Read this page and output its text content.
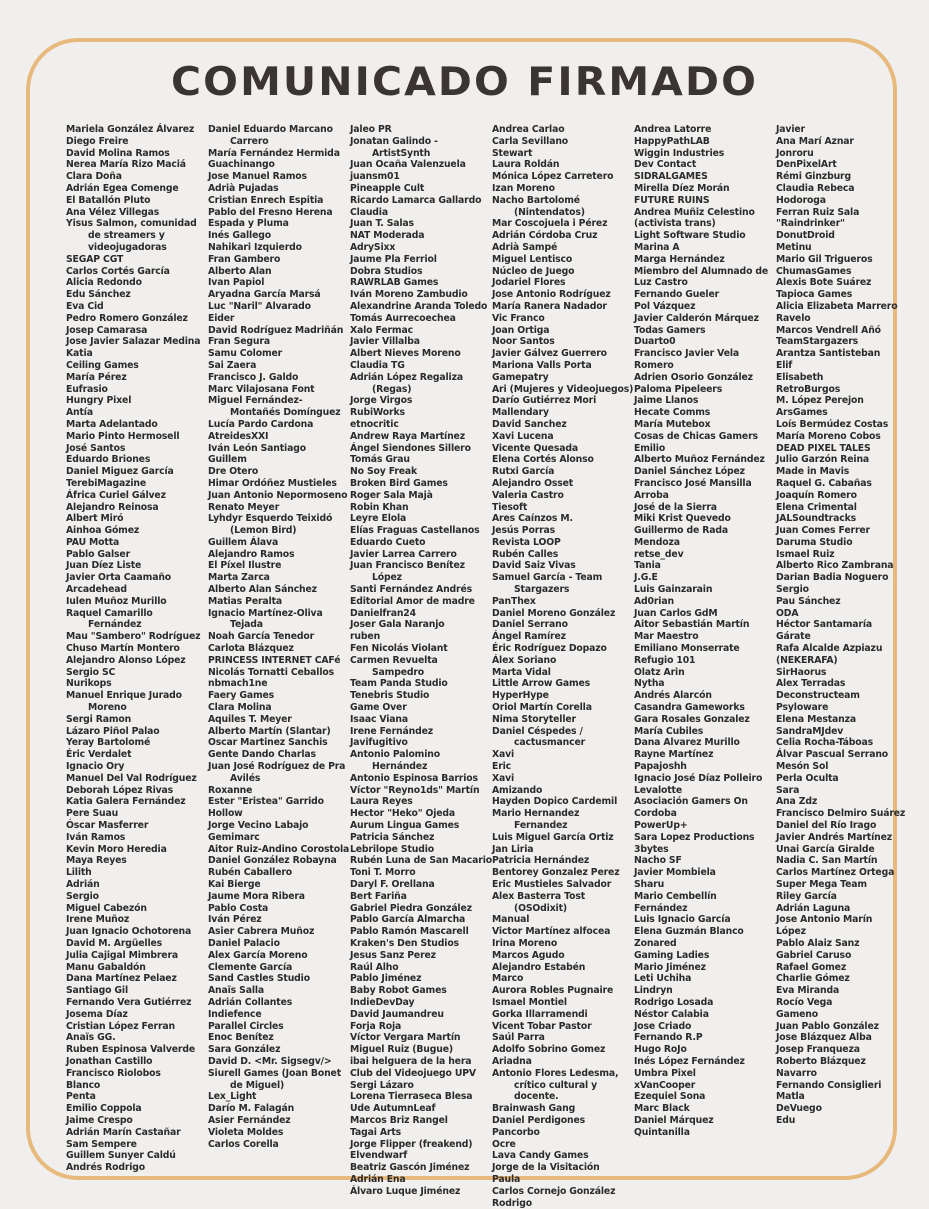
COMUNICADO FIRMADO
Mariela González Álvarez
Diego Freire
David Molina Ramos
Nerea María Rizo Maciá
Clara Doña
Adrián Egea Comenge
El Batallón Pluto
Ana Vélez Villegas
Yisus Salmon, comunidad de streamers y videojugadoras
SEGAP CGT
Carlos Cortés García
Alicia Redondo
Edu Sánchez
Eva Cid
Pedro Romero González
Josep Camarasa
Jose Javier Salazar Medina
Katia
Ceiling Games
María Pérez
Eufrasio
Hungry Pixel
Antía
Marta Adelantado
Mario Pinto Hermosell
José Santos
Eduardo Briones
Daniel Miguez García
TerebiMagazine
África Curiel Gálvez
Alejandro Reinosa
Albert Miró
Ainhoa Gómez
PAU Motta
Pablo Galser
Juan Díez Liste
Javier Orta Caamaño
Arcadehead
Iulen Muñoz Murillo
Raquel Camarillo Fernández
Mau "Sambero" Rodríguez
Chuso Martín Montero
Alejandro Alonso López
Sergio SC
Nurikops
Manuel Enrique Jurado Moreno
Sergi Ramon
Lázaro Piñol Palao
Yeray Bartolomé
Éric Verdalet
Ignacio Ory
Manuel Del Val Rodríguez
Deborah López Rivas
Katia Galera Fernández
Pere Suau
Óscar Masferrer
Iván Ramos
Kevin Moro Heredia
Maya Reyes
Lilith
Adrián
Sergio
Miguel Cabezón
Irene Muñoz
Juan Ignacio Ochotorena
David M. Argüelles
Julia Cajigal Mimbrera
Manu Gabaldón
Dana Martínez Pelaez
Santiago Gil
Fernando Vera Gutiérrez
Josema Díaz
Cristian López Ferran
Anaïs GG.
Ruben Espinosa Valverde
Jonathan Castillo
Francisco Riolobos
Blanco
Penta
Emilio Coppola
Jaime Crespo
Adrián Marín Castañar
Sam Sempere
Guillem Sunyer Caldú
Andrés Rodrigo
Daniel Eduardo Marcano Carrero
María Fernández Hermida
Guachinango
Jose Manuel Ramos
Adrià Pujadas
Cristian Enrech Espitia
Pablo del Fresno Herena
Espada y Pluma
Inés Gallego
Nahikari Izquierdo
Fran Gambero
Alberto Alan
Ivan Papiol
Aryadna García Marsá
Luc "Naril" Alvarado
Eider
David Rodríguez Madriñán
Fran Segura
Samu Colomer
Sai Zaera
Francisco J. Galdo
Marc Vilajosana Font
Miguel Fernández-Montañés Domínguez
Lucía Pardo Cardona
AtreidesXXI
Iván León Santiago
Guillem
Dre Otero
Himar Ordóñez Mustieles
Juan Antonio Nepormoseno
Renato Meyer
Lyhdyr Esquerdo Teixidó (Lemon Bird)
Guillem Álava
Alejandro Ramos
El Píxel Ilustre
Marta Zarca
Alberto Alan Sánchez
Matias Peralta
Ignacio Martínez-Oliva Tejada
Noah García Tenedor
Carlota Blázquez
PRINCESS INTERNET CAFé
Nicolás Tornatti Ceballos
nbmach1ne
Faery Games
Clara Molina
Aquiles T. Meyer
Alberto Martín (Slantar)
Oscar Martinez Sanchis
Gente Dando Charlas
Juan José Rodríguez de Pra Avilés
Roxanne
Ester "Eristea" Garrido
Hollow
Jorge Vecino Labajo
Gemimarc
Aitor Ruiz-Andino Corostola
Daniel González Robayna
Rubén Caballero
Kai Bierge
Jaume Mora Ribera
Pablo Costa
Iván Pérez
Asier Cabrera Muñoz
Daniel Palacio
Alex García Moreno
Clemente García
Sand Castles Studio
Anaïs Salla
Adrián Collantes
Indiefence
Parallel Circles
Enoc Benítez
Sara González
David D. <Mr. Sigsegv/>
Siurell Games (Joan Bonet de Miguel)
Lex_Light
Darío M. Falagán
Asier Fernández
Violeta Moldes
Carlos Corella
Jaleo PR
Jonatan Galindo - ArtistSynth
Juan Ocaña Valenzuela
juansm01
Pineapple Cult
Ricardo Lamarca Gallardo
Claudia
Juan T. Salas
NAT Moderada
AdrySixx
Jaume Pla Ferriol
Dobra Studios
RAWRLAB Games
Iván Moreno Zambudio
Alexandrine Aranda Toledo
Tomás Aurrecoechea
Xalo Fermac
Javier Villalba
Albert Nieves Moreno
Claudia TG
Adrián López Regaliza (Regas)
Jorge Virgos
RubiWorks
etnocritic
Andrew Raya Martínez
Ángel Siendones Sillero
Tomás Grau
No Soy Freak
Broken Bird Games
Roger Sala Majà
Robin Khan
Leyre Elola
Elías Fraguas Castellanos
Eduardo Cueto
Javier Larrea Carrero
Juan Francisco Benítez López
Santi Fernández Andrés
Editorial Amor de madre
Danielfran24
Joser Gala Naranjo
ruben
Fen Nicolás Violant
Carmen Revuelta Sampedro
Team Panda Studio
Tenebris Studio
Game Over
Isaac Viana
Irene Fernández
Javifugitivo
Antonio Palomino Hernández
Antonio Espinosa Barrios
Víctor "Reyno1ds" Martín
Laura Reyes
Hector "Heko" Ojeda
Aurum Lingua Games
Patricia Sánchez
Lebrilope Studio
Rubén Luna de San Macario
Toni T. Morro
Daryl F. Orellana
Bert Fariña
Gabriel Piedra González
Pablo García Almarcha
Pablo Ramón Mascarell
Kraken's Den Studios
Jesus Sanz Perez
Raúl Alho
Pablo Jiménez
Baby Robot Games
IndieDevDay
David Jaumandreu
Forja Roja
Víctor Vergara Martín
Miguel Ruiz (Bugue)
ibai helguera de la hera
Club del Videojuego UPV
Sergi Lázaro
Lorena Tierraseca Blesa
Ude AutumnLeaf
Marcos Briz Rangel
Tagai Arts
Jorge Flipper (freakend)
Elvendwarf
Beatriz Gascón Jiménez
Adrián Ena
Álvaro Luque Jiménez
Andrea Carlao
Carla Sevillano
Stewart
Laura Roldán
Mónica López Carretero
Izan Moreno
Nacho Bartolomé (Nintendatos)
Mar Coscojuela i Pérez
Adrián Córdoba Cruz
Adrià Sampé
Miguel Lentisco
Núcleo de Juego
Jodariel Flores
Jose Antonio Rodríguez
María Ranera Nadador
Vic Franco
Joan Ortiga
Noor Santos
Javier Gálvez Guerrero
Mariona Valls Porta
Gamepatry
Ari (Mujeres y Videojuegos)
Darío Gutiérrez Mori
Mallendary
David Sanchez
Xavi Lucena
Vicente Quesada
Elena Cortés Alonso
Rutxi García
Alejandro Osset
Valeria Castro
Tiesoft
Ares Caínzos M.
Jesús Porras
Revista LOOP
Rubén Calles
David Saiz Vivas
Samuel García - Team Stargazers
PanThex
Daniel Moreno González
Daniel Serrano
Ángel Ramírez
Éric Rodríguez Dopazo
Álex Soriano
Marta Vidal
Little Arrow Games
HyperHype
Oriol Martín Corella
Nima Storyteller
Daniel Céspedes / cactusmancer
Xavi
Eric
Xavi
Amizando
Hayden Dopico Cardemil
Mario Hernandez Fernandez
Luis Miguel García Ortiz
Jan Liria
Patricia Hernández
Bentorey Gonzalez Perez
Eric Mustieles Salvador
Alex Basterra Tost (OSOdixit)
Manual
Victor Martínez alfocea
Irina Moreno
Marcos Agudo
Alejandro Estabén
Marco
Aurora Robles Pugnaire
Ismael Montiel
Gorka Illarramendi
Vicent Tobar Pastor
Saúl Parra
Adolfo Sobrino Gomez
Ariadna
Antonio Flores Ledesma, crítico cultural y docente.
Brainwash Gang
Daniel Perdigones
Pancorbo
Ocre
Lava Candy Games
Jorge de la Visitación
Paula
Carlos Cornejo González
Rodrigo
Andrea Latorre
HappyPathLAB
Wiggin Industries
Dev Contact
SIDRALGAMES
Mirella Díez Morán
FUTURE RUINS
Andrea Muñiz Celestino
(activista trans)
Light Software Studio
Marina A
Marga Hernández
Miembro del Alumnado de
Luz Castro
Fernando Gueler
Pol Vázquez
Javier Calderón Márquez
Todas Gamers
Duarto0
Francisco Javier Vela
Romero
Adrien Osorio González
Paloma Pipeleers
Jaime Llanos
Hecate Comms
María Mutebox
Cosas de Chicas Gamers
Emilio
Alberto Muñoz Fernández
Daniel Sánchez López
Francisco José Mansilla
Arroba
José de la Sierra
Miki Krist Quevedo
Guillermo de Rada
Mendoza
retse_dev
Tania
J.G.E
Luis Gainzarain
Ad0rian
Juan Carlos GdM
Aitor Sebastián Martín
Mar Maestro
Emiliano Monserrate
Refugio 101
Olatz Arin
Nytha
Andrés Alarcón
Casandra Gameworks
Gara Rosales Gonzalez
María Cubiles
Dana Alvarez Murillo
Rayne Martínez
Papajoshh
Ignacio José Díaz Polleiro
Levalotte
Asociación Gamers On
Cordoba
PowerUp+
Sara Lopez Productions
3bytes
Nacho SF
Javier Mombiela
Sharu
Mario Cembellín
Fernández
Luis Ignacio García
Elena Guzmán Blanco
Zonared
Gaming Ladies
Mario Jiménez
Leti Uchiha
Lindryn
Rodrigo Losada
Néstor Calabia
Jose Criado
Fernando R.P
Hugo RoJo
Inés López Fernández
Umbra Pixel
xVanCooper
Ezequiel Sona
Marc Black
Daniel Márquez
Quintanilla
Javier
Ana Marí Aznar
Jonroru
DenPixelArt
Rémi Ginzburg
Claudia Rebeca
Hodoroga
Ferran Ruiz Sala
"Raindrinker"
DonutDroid
Metinu
Mario Gil Trigueros
ChumasGames
Alexis Bote Suárez
Tapioca Games
Alicia Elizabeta Marrero
Ravelo
Marcos Vendrell Añó
TeamStargazers
Arantza Santisteban
Elif
Elisabeth
RetroBurgos
M. López Perejon
ArsGames
Loís Bermúdez Costas
María Moreno Cobos
DEAD PIXEL TALES
Julio Garzón Reina
Made in Mavis
Raquel G. Cabañas
Joaquín Romero
Elena Crimental
JALSoundtracks
Juan Comes Ferrer
Daruma Studio
Ismael Ruiz
Alberto Rico Zambrana
Darian Badia Noguero
Sergio
Pau Sánchez
ODA
Héctor Santamaría
Gárate
Rafa Alcalde Azpiazu
(NEKERAFA)
SirHaorus
Alex Terradas
Deconstructeam
Psyloware
Elena Mestanza
SandraMJdev
Celia Rocha-Táboas
Álvar Pascual Serrano
Mesón Sol
Perla Oculta
Sara
Ana Zdz
Francisco Delmiro Suárez
Daniel del Río Irago
Javier Andrés Martínez
Unai García Giralde
Nadia C. San Martín
Carlos Martínez Ortega
Super Mega Team
Riley García
Adrián Laguna
Jose Antonio Marín
López
Pablo Alaiz Sanz
Gabriel Caruso
Rafael Gomez
Charlie Gómez
Eva Miranda
Rocío Vega
Gameno
Juan Pablo González
Jose Blázquez Alba
Josep Franqueza
Roberto Blázquez
Navarro
Fernando Consiglieri
Matla
DeVuego
Edu
